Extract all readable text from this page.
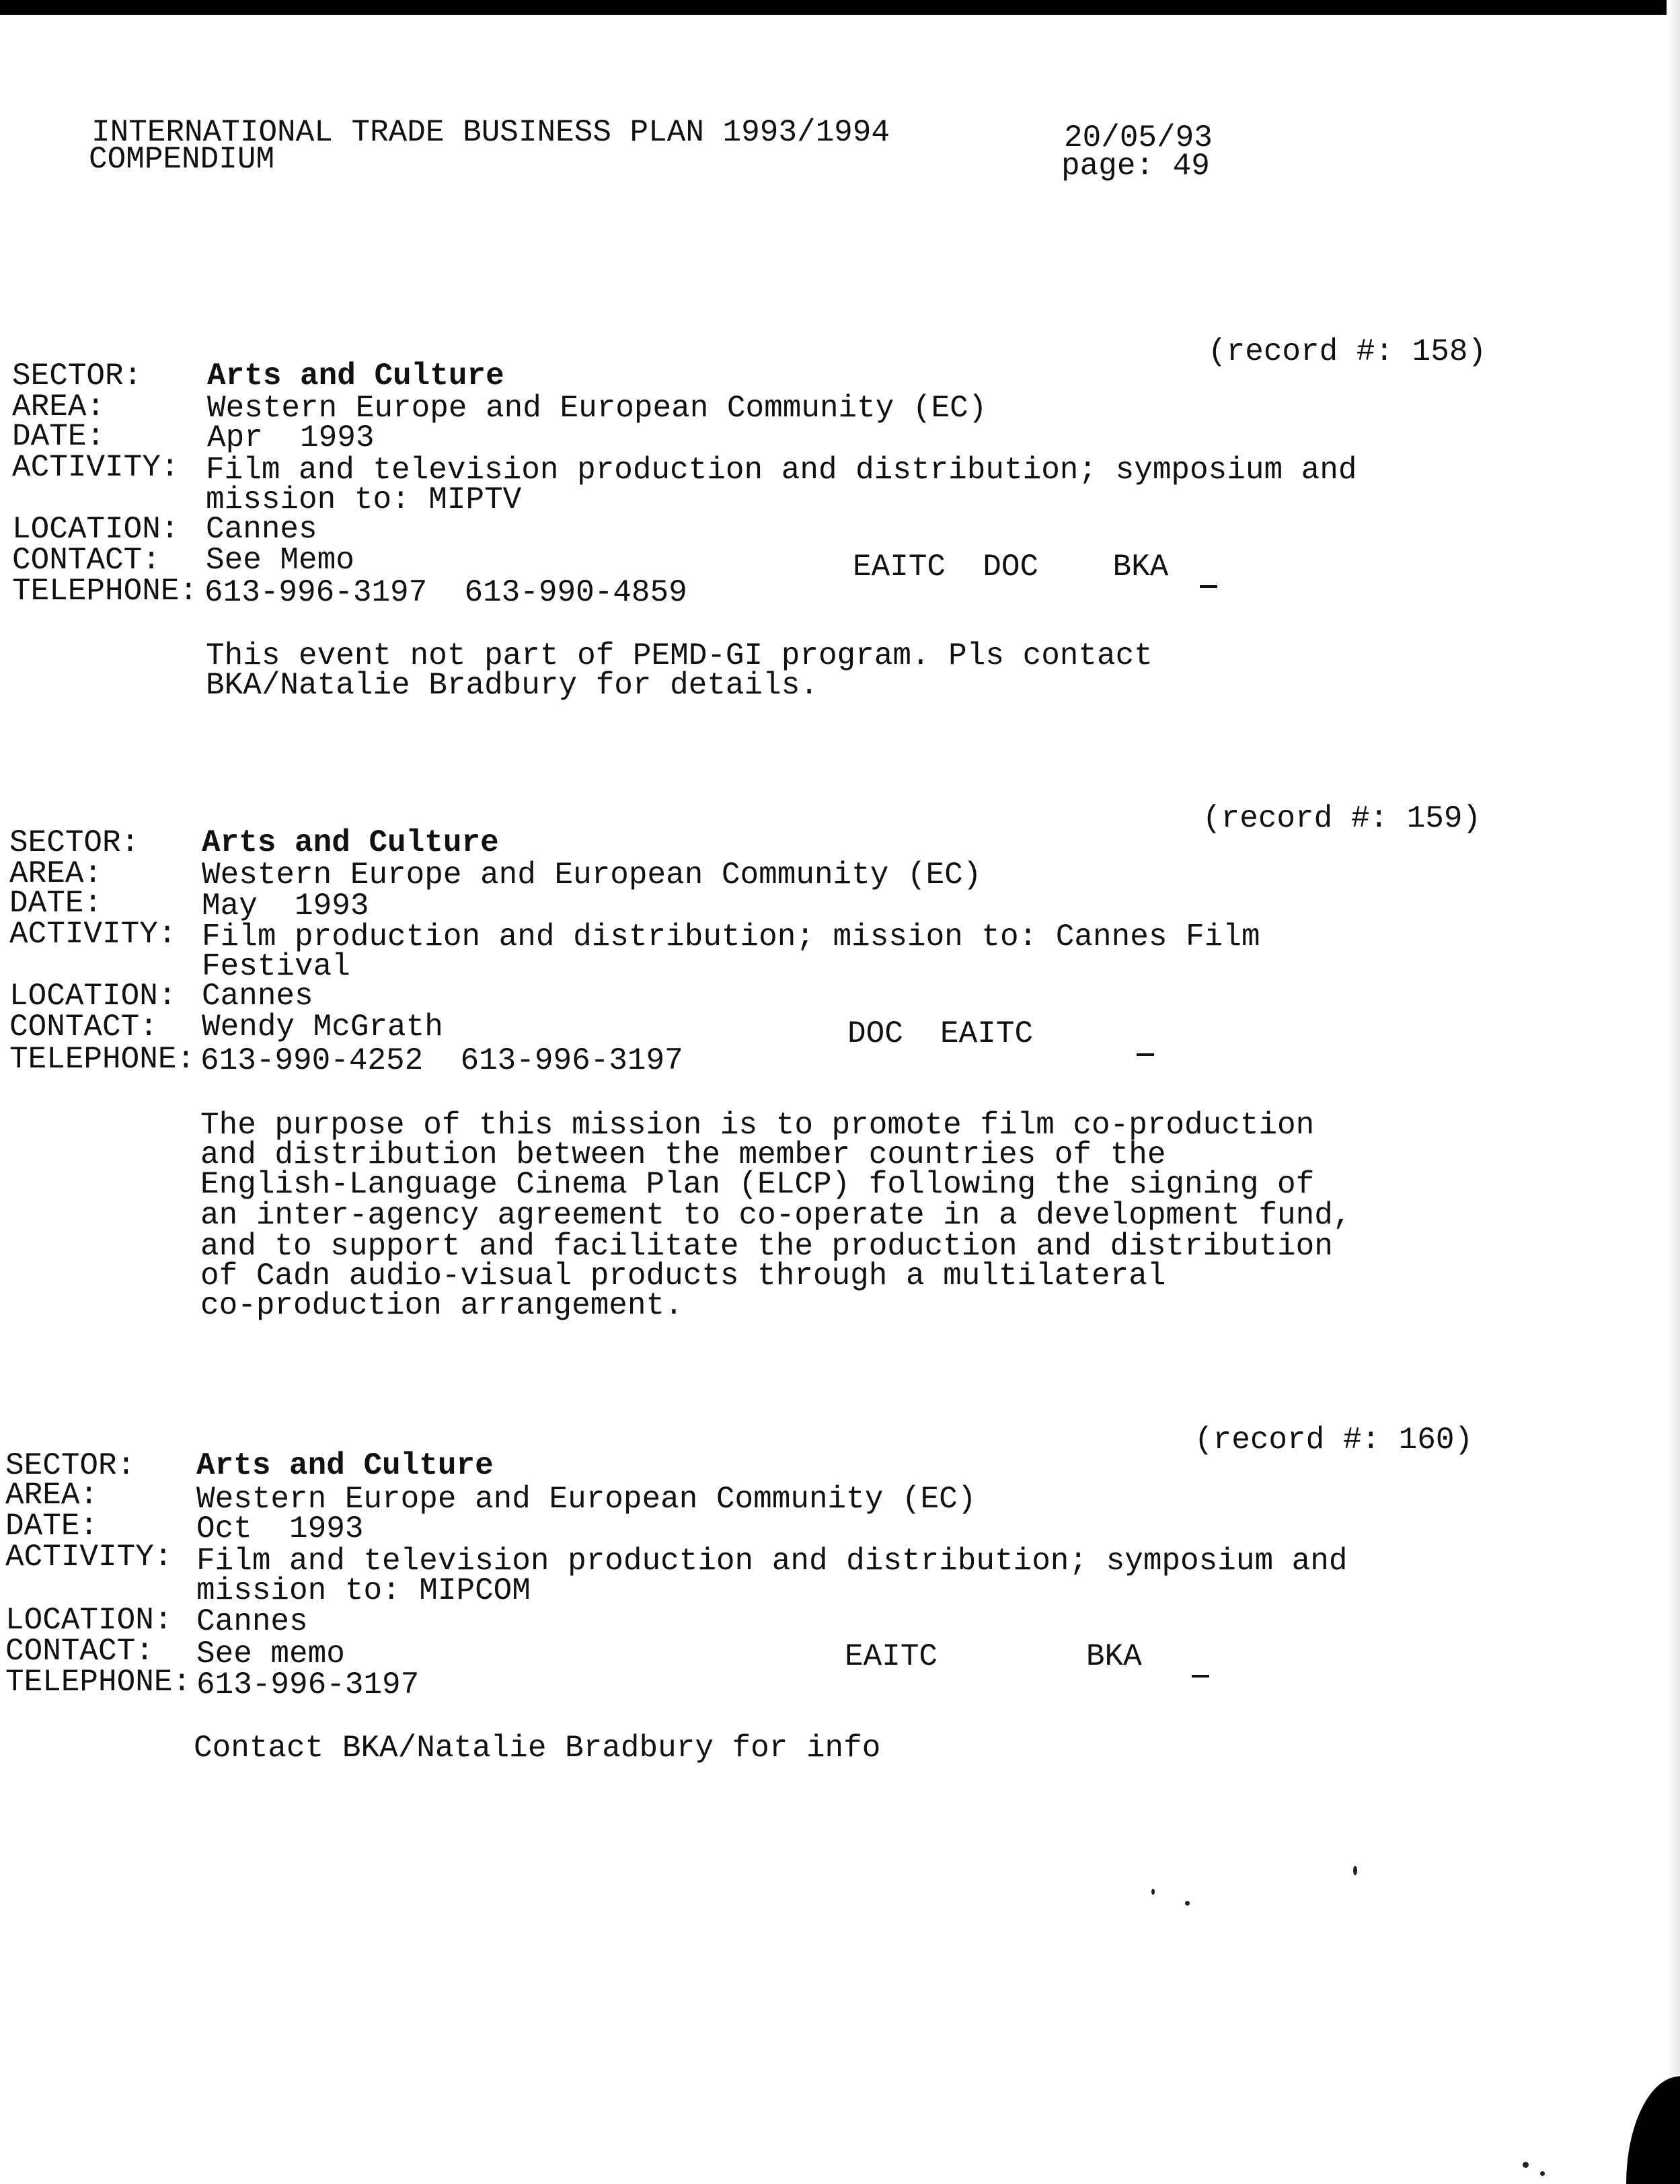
INTERNATIONAL TRADE BUSINESS PLAN 1993/1994
COMPENDIUM
20/05/93
page: 49
(record #: 158)
SECTOR: Arts and Culture
AREA:	Western Europe and European Community (EC)
DATE:	Apr  1993
ACTIVITY: Film and television production and distribution; symposium and
mission to: MIPTV
LOCATION: Cannes
CONTACT: See Memo	EAITC  DOC    BKA
TELEPHONE: 613-996-3197  613-990-4859
This event not part of PEMD-GI program. Pls contact
BKA/Natalie Bradbury for details.
(record #: 159)
SECTOR: Arts and Culture
AREA:	Western Europe and European Community (EC)
DATE:	May  1993
ACTIVITY: Film production and distribution; mission to: Cannes Film
Festival
LOCATION: Cannes
CONTACT: Wendy McGrath	DOC  EAITC
TELEPHONE: 613-990-4252  613-996-3197
The purpose of this mission is to promote film co-production
and distribution between the member countries of the
English-Language Cinema Plan (ELCP) following the signing of
an inter-agency agreement to co-operate in a development fund,
and to support and facilitate the production and distribution
of Cadn audio-visual products through a multilateral
co-production arrangement.
(record #: 160)
SECTOR: Arts and Culture
AREA:	Western Europe and European Community (EC)
DATE:	Oct  1993
ACTIVITY: Film and television production and distribution; symposium and
mission to: MIPCOM
LOCATION: Cannes
CONTACT: See memo	EAITC        BKA
TELEPHONE: 613-996-3197
Contact BKA/Natalie Bradbury for info
